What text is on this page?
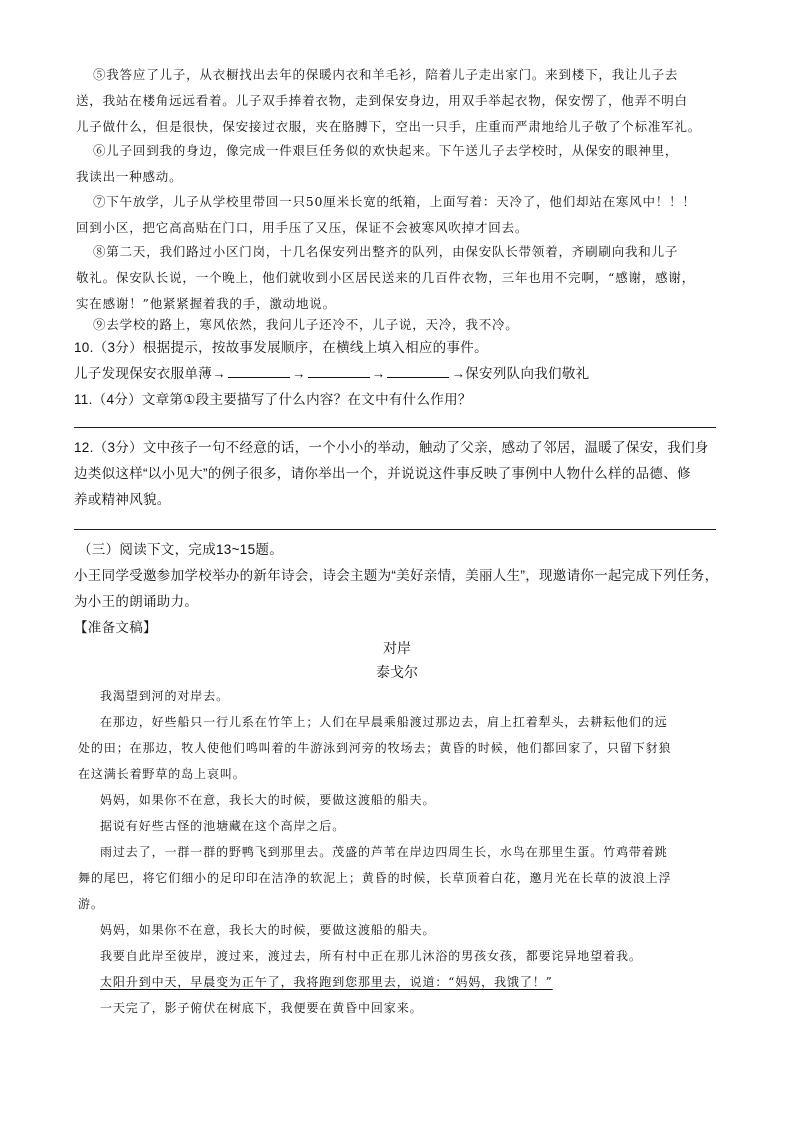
⑤我答应了儿子，从衣橱找出去年的保暖内衣和羊毛衫，陪着儿子走出家门。来到楼下，我让儿子去
送，我站在楼角远远看着。儿子双手捧着衣物，走到保安身边，用双手举起衣物，保安愣了，他弄不明白
儿子做什么，但是很快，保安接过衣服，夹在胳膊下，空出一只手，庄重而严肃地给儿子敬了个标准军礼。
⑥儿子回到我的身边，像完成一件艰巨任务似的欢快起来。下午送儿子去学校时，从保安的眼神里，
我读出一种感动。
⑦下午放学，儿子从学校里带回一只50厘米长宽的纸箱，上面写着：天冷了，他们却站在寒风中！！！
回到小区，把它高高贴在门口，用手压了又压，保证不会被寒风吹掉才回去。
⑧第二天，我们路过小区门岗，十几名保安列出整齐的队列，由保安队长带领着，齐刷刷向我和儿子
敬礼。保安队长说，一个晚上，他们就收到小区居民送来的几百件衣物，三年也用不完啊，“感谢，感谢，
实在感谢！”他紧紧握着我的手，激动地说。
⑨去学校的路上，寒风依然，我问儿子还冷不，儿子说，天冷，我不冷。
10.（3分）根据提示，按故事发展顺序，在横线上填入相应的事件。
儿子发现保安衣服单薄→	→	→	→保安列队向我们敬礼
11.（4分）文章第①段主要描写了什么内容？在文中有什么作用？
12.（3分）文中孩子一句不经意的话，一个小小的举动，触动了父亲，感动了邻居，温暖了保安，我们身
边类似这样“以小见大”的例子很多，请你举出一个，并说说这件事反映了事例中人物什么样的品德、修
养或精神风貌。
（三）阅读下文，完成13~15题。
小王同学受邀参加学校举办的新年诗会，诗会主题为“美好亲情，美丽人生”，现邀请你一起完成下列任务，
为小王的朗诵助力。
【准备文稿】
对岸
泰戈尔
我渴望到河的对岸去。
在那边，好些船只一行儿系在竹竿上；人们在早晨乘船渡过那边去，肩上扛着犁头，去耕耘他们的远
处的田；在那边，牧人使他们鸣叫着的牛游泳到河旁的牧场去；黄昏的时候，他们都回家了，只留下豺狼
在这满长着野草的岛上哀叫。
妈妈，如果你不在意，我长大的时候，要做这渡船的船夫。
据说有好些古怪的池塘藏在这个高岸之后。
雨过去了，一群一群的野鸭飞到那里去。茂盛的芦苇在岸边四周生长，水鸟在那里生蛋。竹鸡带着跳
舞的尾巴，将它们细小的足印印在洁净的软泥上；黄昏的时候，长草顶着白花，邀月光在长草的波浪上浮
游。
妈妈，如果你不在意，我长大的时候，要做这渡船的船夫。
我要自此岸至彼岸，渡过来，渡过去，所有村中正在那儿沐浴的男孩女孩，都要诧异地望着我。
太阳升到中天，早晨变为正午了，我将跑到您那里去，说道：“妈妈，我饿了！”
一天完了，影子俯伏在树底下，我便要在黄昏中回家来。
